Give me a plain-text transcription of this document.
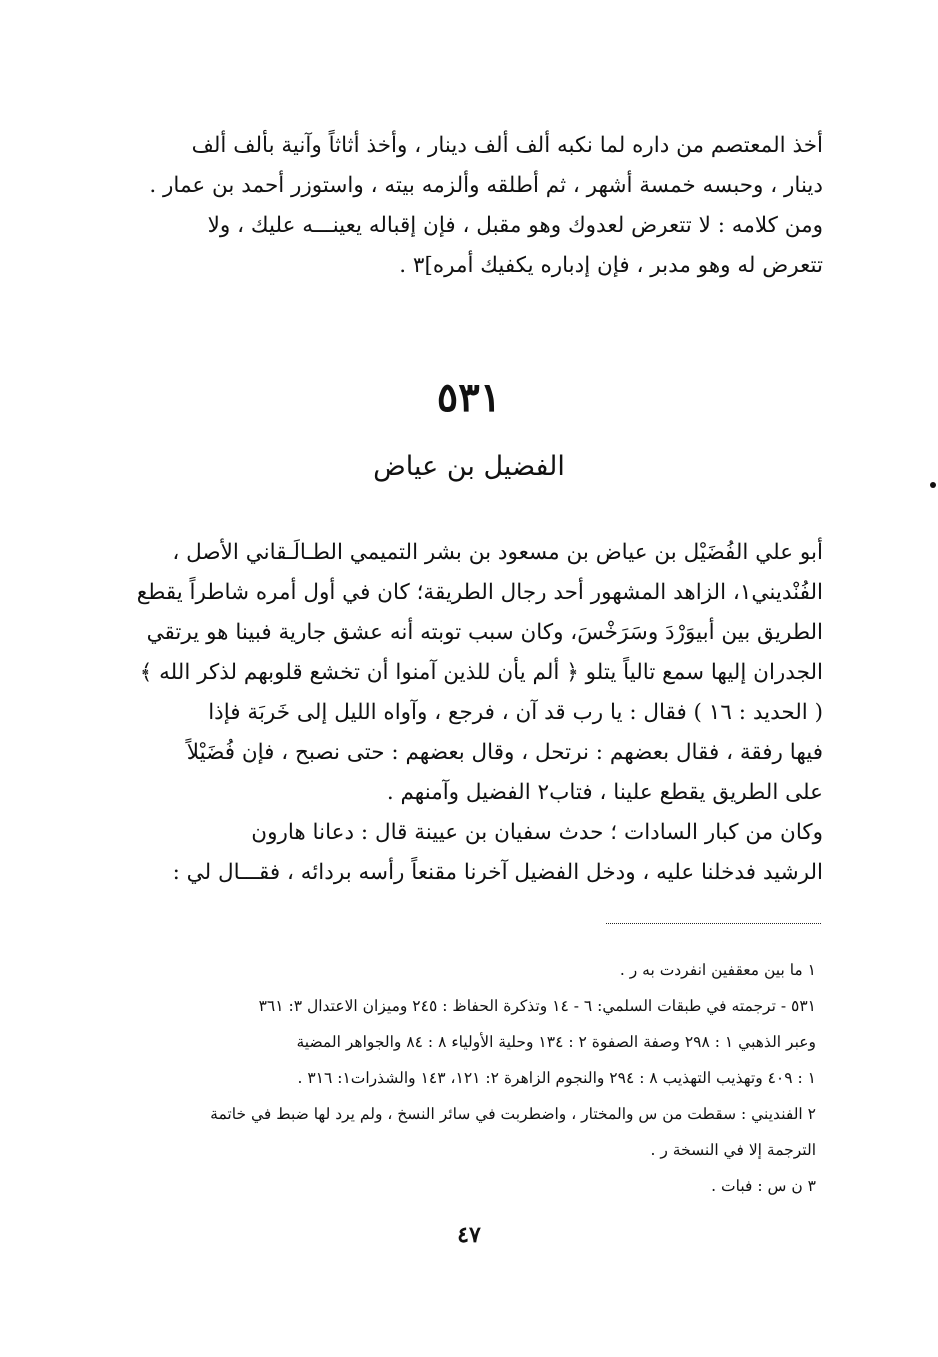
أخذ المعتصم من داره لما نكبه ألف ألف دينار ، وأخذ أثاثاً وآنية بألف ألف
دينار ، وحبسه خمسة أشهر ، ثم أطلقه وألزمه بيته ، واستوزر أحمد بن عمار .
ومن كلامه : لا تتعرض لعدوك وهو مقبل ، فإن إقباله يعينـــه عليك ، ولا
تتعرض له وهو مدبر ، فإن إدباره يكفيك أمره]٣ .
٥٣١
الفضيل بن عياض
أبو علي الفُضَيْل بن عياض بن مسعود بن بشر التميمي الطـالَـقاني الأصل ،
الفُنْديني١، الزاهد المشهور أحد رجال الطريقة؛ كان في أول أمره شاطراً يقطع
الطريق بين أبيوَرْدَ وسَرَخْسَ، وكان سبب توبته أنه عشق جارية فبينا هو يرتقي
الجدران إليها سمع تالياً يتلو ﴿ ألم يأن للذين آمنوا أن تخشع قلوبهم لذكر الله ﴾
( الحديد : ١٦ ) فقال : يا رب قد آن ، فرجع ، وآواه الليل إلى خَربَة فإذا
فيها رفقة ، فقال بعضهم : نرتحل ، وقال بعضهم : حتى نصبح ، فإن فُضَيْلاً
على الطريق يقطع علينا ، فتاب٢ الفضيل وآمنهم .
وكان من كبار السادات ؛ حدث سفيان بن عيينة قال : دعانا هارون
الرشيد فدخلنا عليه ، ودخل الفضيل آخرنا مقنعاً رأسه بردائه ، فقـــال لي :
١ ما بين معقفين انفردت به ر .
٥٣١ - ترجمته في طبقات السلمي: ٦ - ١٤ وتذكرة الحفاظ : ٢٤٥ وميزان الاعتدال ٣: ٣٦١
وعبر الذهبي ١ : ٢٩٨ وصفة الصفوة ٢ : ١٣٤ وحلية الأولياء ٨ : ٨٤ والجواهر المضية
١ : ٤٠٩ وتهذيب التهذيب ٨ : ٢٩٤ والنجوم الزاهرة ٢: ١٢١، ١٤٣ والشذرات١: ٣١٦ .
٢ الفنديني : سقطت من س والمختار ، واضطربت في سائر النسخ ، ولم يرد لها ضبط في خاتمة
الترجمة إلا في النسخة ر .
٣ ن س : فبات .
٤٧
